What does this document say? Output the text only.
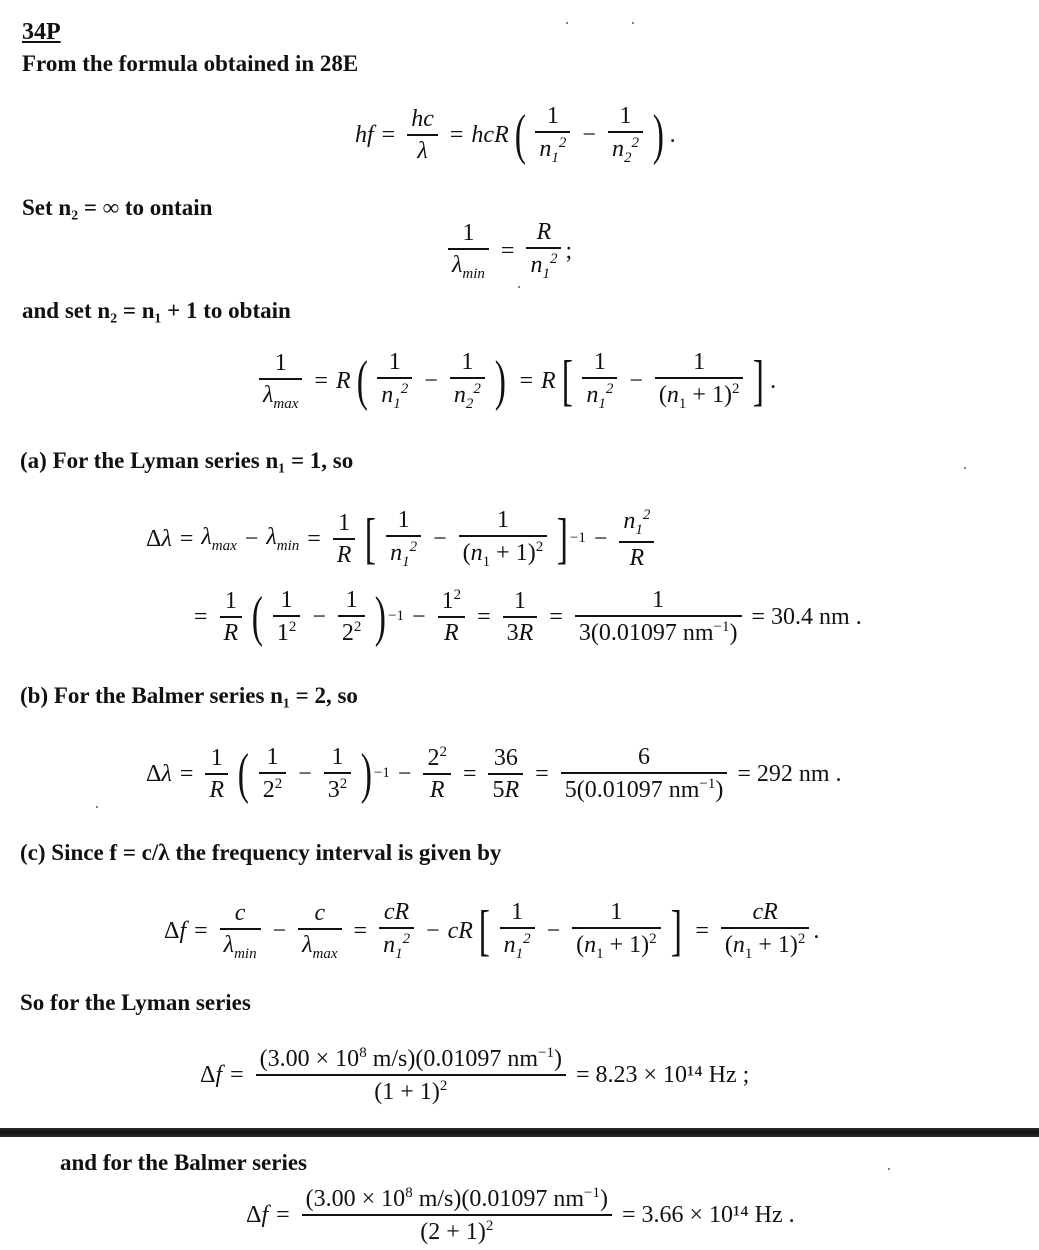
34P
From the formula obtained in 28E
hf = $\frac{hc}{\lambda}$ = hcR ( $\frac{1}{n_1^2} - \frac{1}{n_2^2}$ ) .
Set n₂ = ∞ to ontain
$\frac{1}{\lambda_{min}} = \frac{R}{n_1^2}$ ;
and set n₂ = n₁ + 1 to obtain
$\frac{1}{\lambda_{max}} = R$ ( $\frac{1}{n_1^2} - \frac{1}{n_2^2}$ ) = R [ $\frac{1}{n_1^2} - \frac{1}{(n_1 + 1)^2}$ ] .
(a) For the Lyman series n₁ = 1, so
$\Delta\lambda = \lambda_{max} - \lambda_{min} = \frac{1}{R}$ [ $\frac{1}{n_1^2} - \frac{1}{(n_1 + 1)^2}$ ] $-1 - \frac{n_1^2}{R}$
= $\frac{1}{R}$ ( $\frac{1}{1^2} - \frac{1}{2^2}$ ) $-1 - \frac{1^2}{R} = \frac{1}{3R} = \frac{1}{3(0.01097 nm^{-1})} = 30.4$ nm .
(b) For the Balmer series n₁ = 2, so
$\Delta\lambda = \frac{1}{R}$ ( $\frac{1}{2^2} - \frac{1}{3^2}$ ) $-1 - \frac{2^2}{R} = \frac{36}{5R} = \frac{6}{5(0.01097 nm^{-1})} = 292$ nm .
(c) Since f = c/λ the frequency interval is given by
$\Delta f = \frac{c}{\lambda_{min}} - \frac{c}{\lambda_{max}} = \frac{cR}{n_1^2}$ − cR [ $\frac{1}{n_1^2} - \frac{1}{(n_1 + 1)^2}$ ] = $\frac{cR}{(n_1 + 1)^2}$ .
So for the Lyman series
$\Delta f = \frac{(3.00 \times 10^8 m/s)(0.01097 nm^{-1})}{(1 + 1)^2} = 8.23 \times 10^{14}$ Hz ;
and for the Balmer series
$\Delta f = \frac{(3.00 \times 10^8 m/s)(0.01097 nm^{-1})}{(2 + 1)^2} = 3.66 \times 10^{14}$ Hz .
